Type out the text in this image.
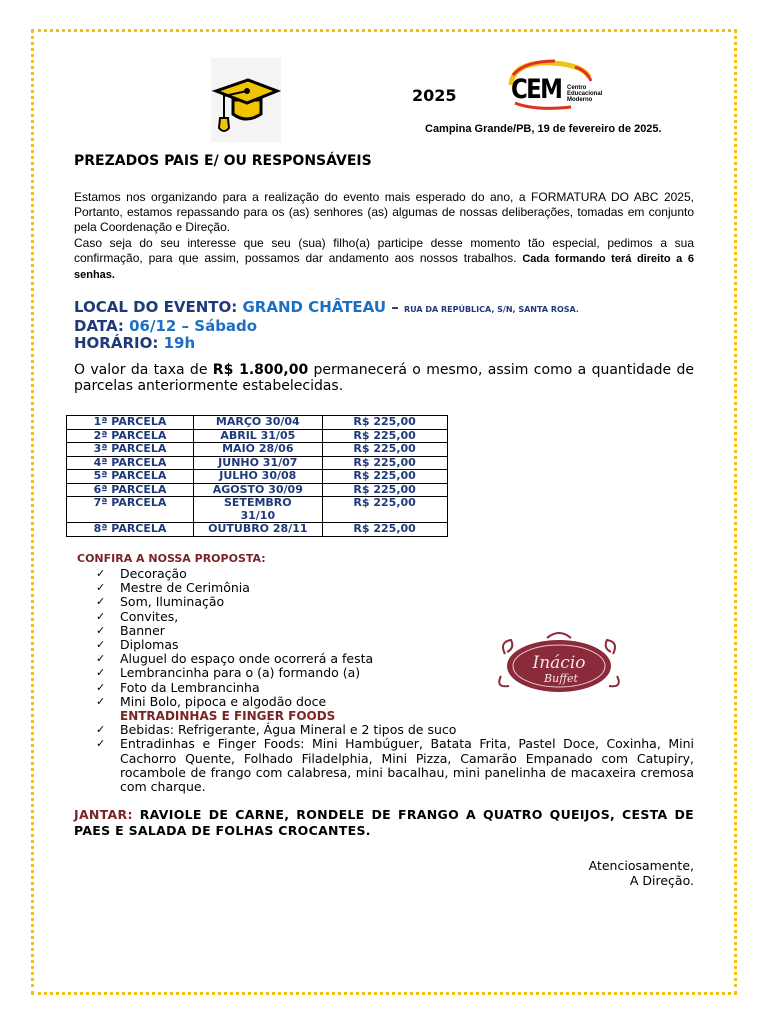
2025 CEM Centro
Educacional
Moderno
Campina Grande/PB, 19 de fevereiro de 2025.
PREZADOS PAIS E/ OU RESPONSÁVEIS
Estamos nos organizando para a realização do evento mais esperado do ano, a FORMATURA DO ABC 2025, Portanto, estamos repassando para os (as) senhores (as) algumas de nossas deliberações, tomadas em conjunto pela Coordenação e Direção.
Caso seja do seu interesse que seu (sua) filho(a) participe desse momento tão especial, pedimos a sua confirmação, para que assim, possamos dar andamento aos nossos trabalhos. Cada formando terá direito a 6 senhas.
LOCAL DO EVENTO: GRAND CHÂTEAU – RUA DA REPÚBLICA, S/N, SANTA ROSA.
DATA: 06/12 – Sábado
HORÁRIO: 19h
O valor da taxa de R$ 1.800,00 permanecerá o mesmo, assim como a quantidade de parcelas anteriormente estabelecidas.
1ª PARCELA	MARÇO 30/04	R$ 225,00
2ª PARCELA	ABRIL 31/05	R$ 225,00
3ª PARCELA	MAIO 28/06	R$ 225,00
4ª PARCELA	JUNHO 31/07	R$ 225,00
5ª PARCELA	JULHO 30/08	R$ 225,00
6ª PARCELA	AGOSTO 30/09	R$ 225,00
7ª PARCELA	SETEMBRO 31/10	R$ 225,00
8ª PARCELA	OUTUBRO 28/11	R$ 225,00
CONFIRA A NOSSA PROPOSTA:
✓ Decoração
✓ Mestre de Cerimônia
✓ Som, Iluminação
✓ Convites,
✓ Banner
✓ Diplomas
✓ Aluguel do espaço onde ocorrerá a festa
✓ Lembrancinha para o (a) formando (a)
✓ Foto da Lembrancinha
✓ Mini Bolo, pipoca e algodão doce
ENTRADINHAS E FINGER FOODS
✓ Bebidas: Refrigerante, Água Mineral e 2 tipos de suco
✓ Entradinhas e Finger Foods: Mini Hambúguer, Batata Frita, Pastel Doce, Coxinha, Mini Cachorro Quente, Folhado Filadelphia, Mini Pizza, Camarão Empanado com Catupiry, rocambole de frango com calabresa, mini bacalhau, mini panelinha de macaxeira cremosa com charque.
Inácio
Buffet
JANTAR: RAVIOLE DE CARNE, RONDELE DE FRANGO A QUATRO QUEIJOS, CESTA DE PAES E SALADA DE FOLHAS CROCANTES.
Atenciosamente,
A Direção.
